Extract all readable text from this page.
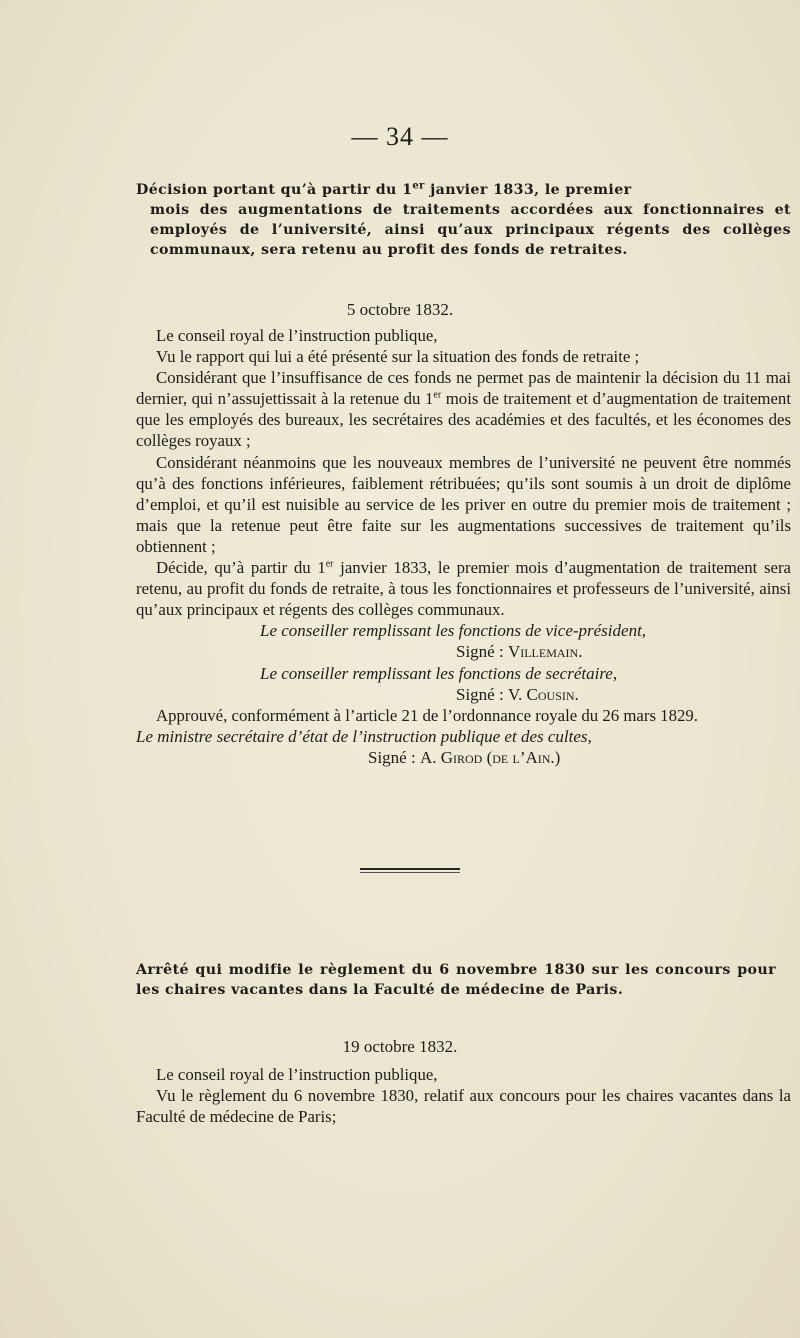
— 34 —
Décision portant qu’à partir du 1er janvier 1833, le premier
mois des augmentations de traitements accordées aux fonctionnaires et employés de l’université, ainsi qu’aux principaux régents des collèges communaux, sera retenu au profit des fonds de retraites.
5 octobre 1832.

Le conseil royal de l’instruction publique,

Vu le rapport qui lui a été présenté sur la situation des fonds de retraite ;

Considérant que l’insuffisance de ces fonds ne permet pas de maintenir la décision du 11 mai dernier, qui n’assujettissait à la retenue du 1er mois de traitement et d’augmentation de traitement que les employés des bureaux, les secrétaires des académies et des facultés, et les économes des collèges royaux ;

Considérant néanmoins que les nouveaux membres de l’université ne peuvent être nommés qu’à des fonctions inférieures, faiblement rétribuées; qu’ils sont soumis à un droit de diplôme d’emploi, et qu’il est nuisible au service de les priver en outre du premier mois de traitement ; mais que la retenue peut être faite sur les augmentations successives de traitement qu’ils obtiennent ;

Décide, qu’à partir du 1er janvier 1833, le premier mois d’augmentation de traitement sera retenu, au profit du fonds de retraite, à tous les fonctionnaires et professeurs de l’université, ainsi qu’aux principaux et régents des collèges communaux.

Le conseiller remplissant les fonctions de vice-président,

Signé : Villemain.

Le conseiller remplissant les fonctions de secrétaire,

Signé : V. Cousin.

Approuvé, conformément à l’article 21 de l’ordonnance royale du 26 mars 1829.

Le ministre secrétaire d’état de l’instruction publique et des cultes,

Signé : A. Girod (de l’Ain.)

Arrêté qui modifie le règlement du 6 novembre 1830 sur les concours pour les chaires vacantes dans la Faculté de médecine de Paris.
19 octobre 1832.

Le conseil royal de l’instruction publique,

Vu le règlement du 6 novembre 1830, relatif aux concours pour les chaires vacantes dans la Faculté de médecine de Paris;
